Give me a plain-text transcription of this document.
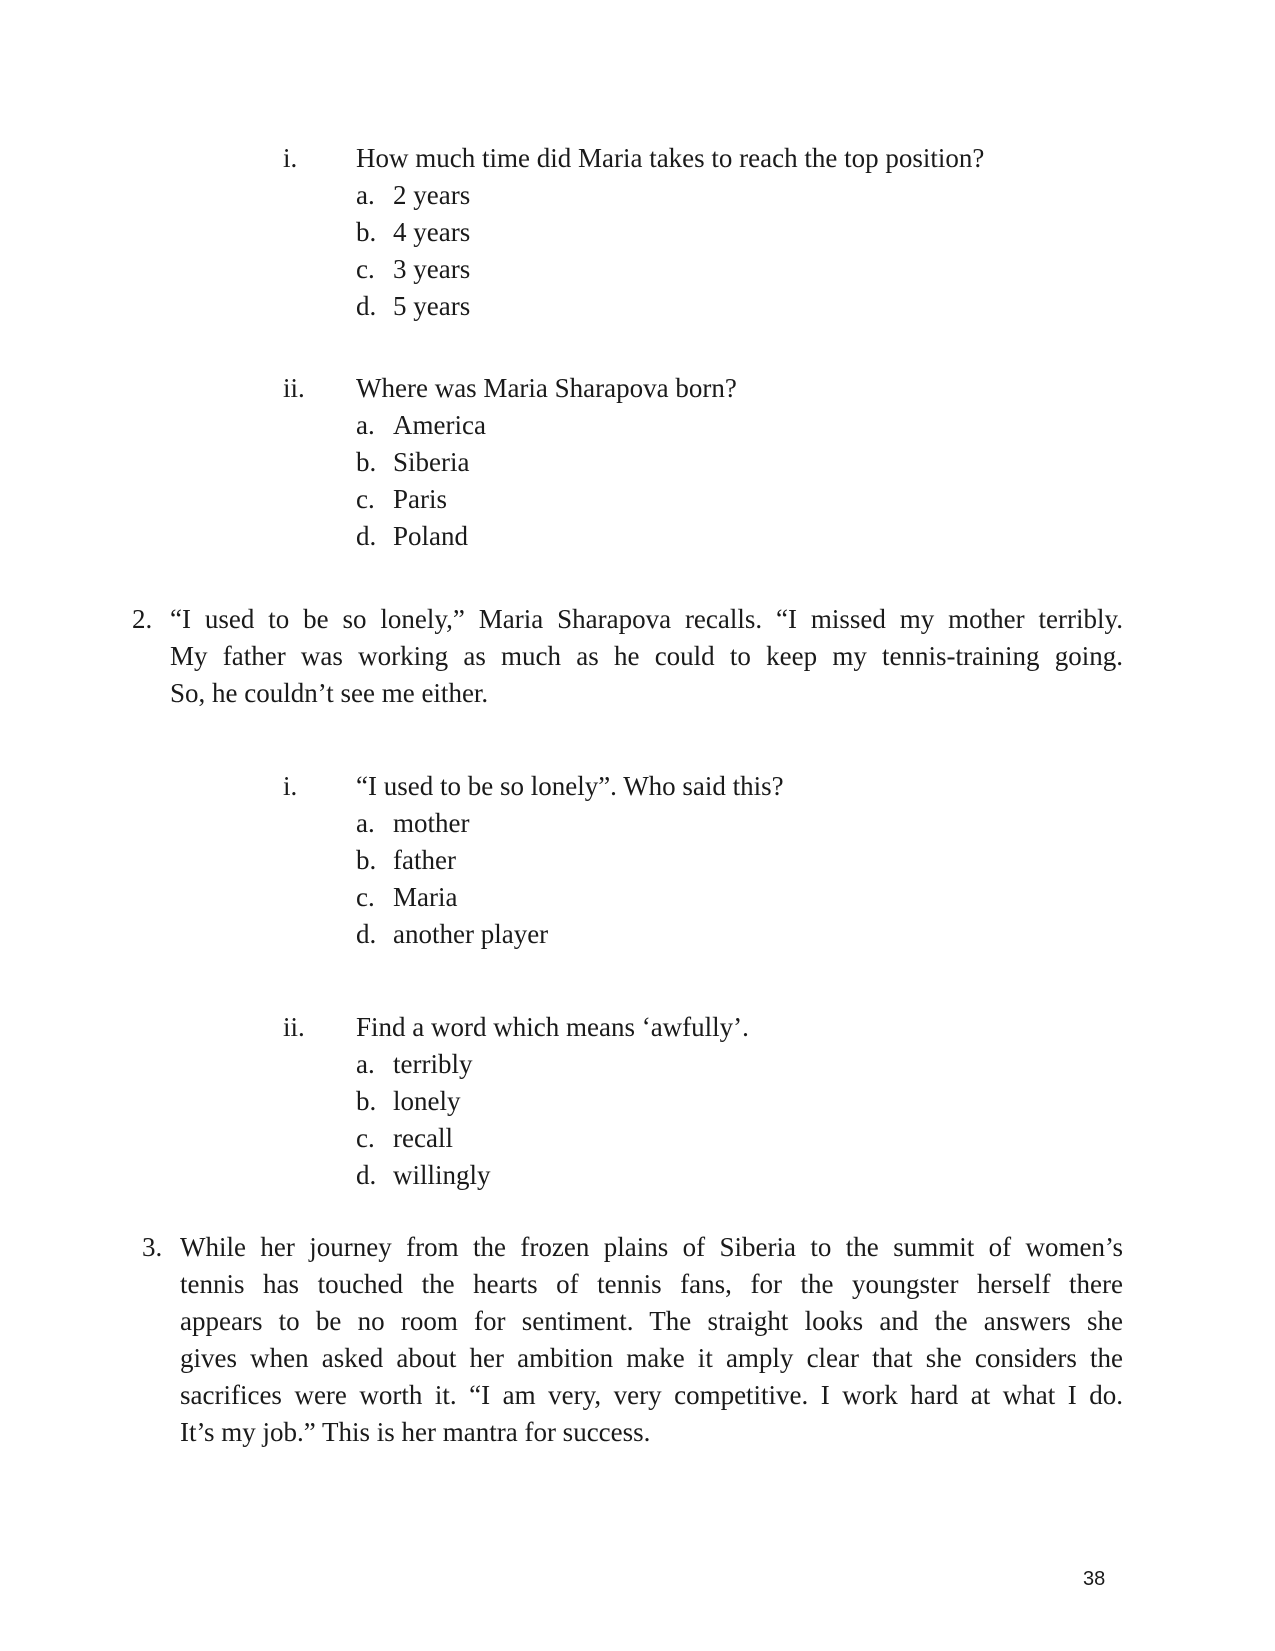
i. How much time did Maria takes to reach the top position?
a. 2 years
b. 4 years
c. 3 years
d. 5 years
ii. Where was Maria Sharapova born?
a. America
b. Siberia
c. Paris
d. Poland
2. “I used to be so lonely,” Maria Sharapova recalls. “I missed my mother terribly.
My father was working as much as he could to keep my tennis-training going.
So, he couldn’t see me either.
i. “I used to be so lonely”. Who said this?
a. mother
b. father
c. Maria
d. another player
ii. Find a word which means ‘awfully’.
a. terribly
b. lonely
c. recall
d. willingly
3. While her journey from the frozen plains of Siberia to the summit of women’s
tennis has touched the hearts of tennis fans, for the youngster herself there
appears to be no room for sentiment. The straight looks and the answers she
gives when asked about her ambition make it amply clear that she considers the
sacrifices were worth it. “I am very, very competitive. I work hard at what I do.
It’s my job.” This is her mantra for success.
38
